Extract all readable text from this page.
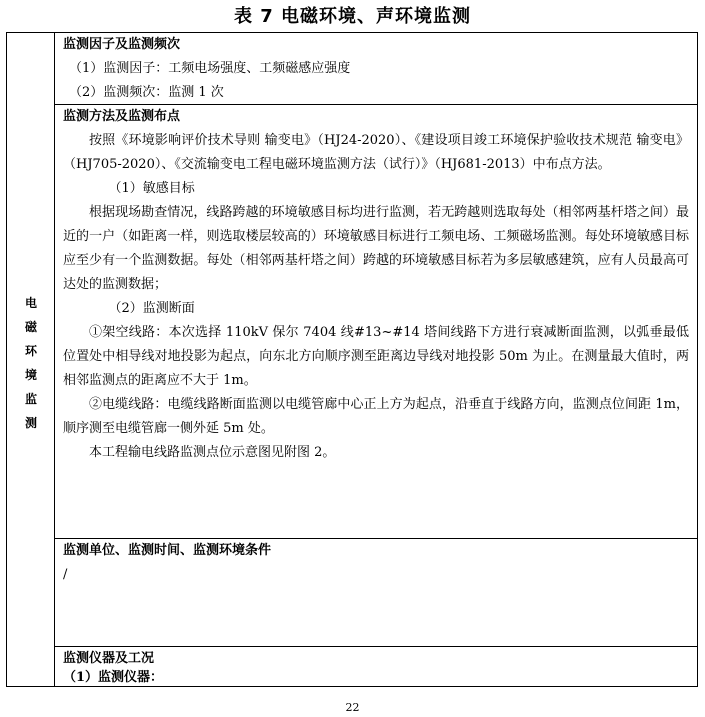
表 7 电磁环境、声环境监测
电
磁
环
境
监
测
监测因子及监测频次
（1）监测因子：工频电场强度、工频磁感应强度
（2）监测频次：监测 1 次
监测方法及监测布点

按照《环境影响评价技术导则 输变电》（HJ24-2020）、《建设项目竣工环境保护验收技术规范 输变电》（HJ705-2020）、《交流输变电工程电磁环境监测方法（试行）》（HJ681-2013）中布点方法。

（1）敏感目标

根据现场勘查情况，线路跨越的环境敏感目标均进行监测，若无跨越则选取每处（相邻两基杆塔之间）最近的一户（如距离一样，则选取楼层较高的）环境敏感目标进行工频电场、工频磁场监测。每处环境敏感目标应至少有一个监测数据。每处（相邻两基杆塔之间）跨越的环境敏感目标若为多层敏感建筑，应有人员最高可达处的监测数据；

（2）监测断面

①架空线路：本次选择 110kV 保尔 7404 线#13~#14 塔间线路下方进行衰减断面监测，以弧垂最低位置处中相导线对地投影为起点，向东北方向顺序测至距离边导线对地投影 50m 为止。在测量最大值时，两相邻监测点的距离应不大于 1m。

②电缆线路：电缆线路断面监测以电缆管廊中心正上方为起点，沿垂直于线路方向，监测点位间距 1m，顺序测至电缆管廊一侧外延 5m 处。

本工程输电线路监测点位示意图见附图 2。

监测单位、监测时间、监测环境条件
/
监测仪器及工况
（1）监测仪器：
22
